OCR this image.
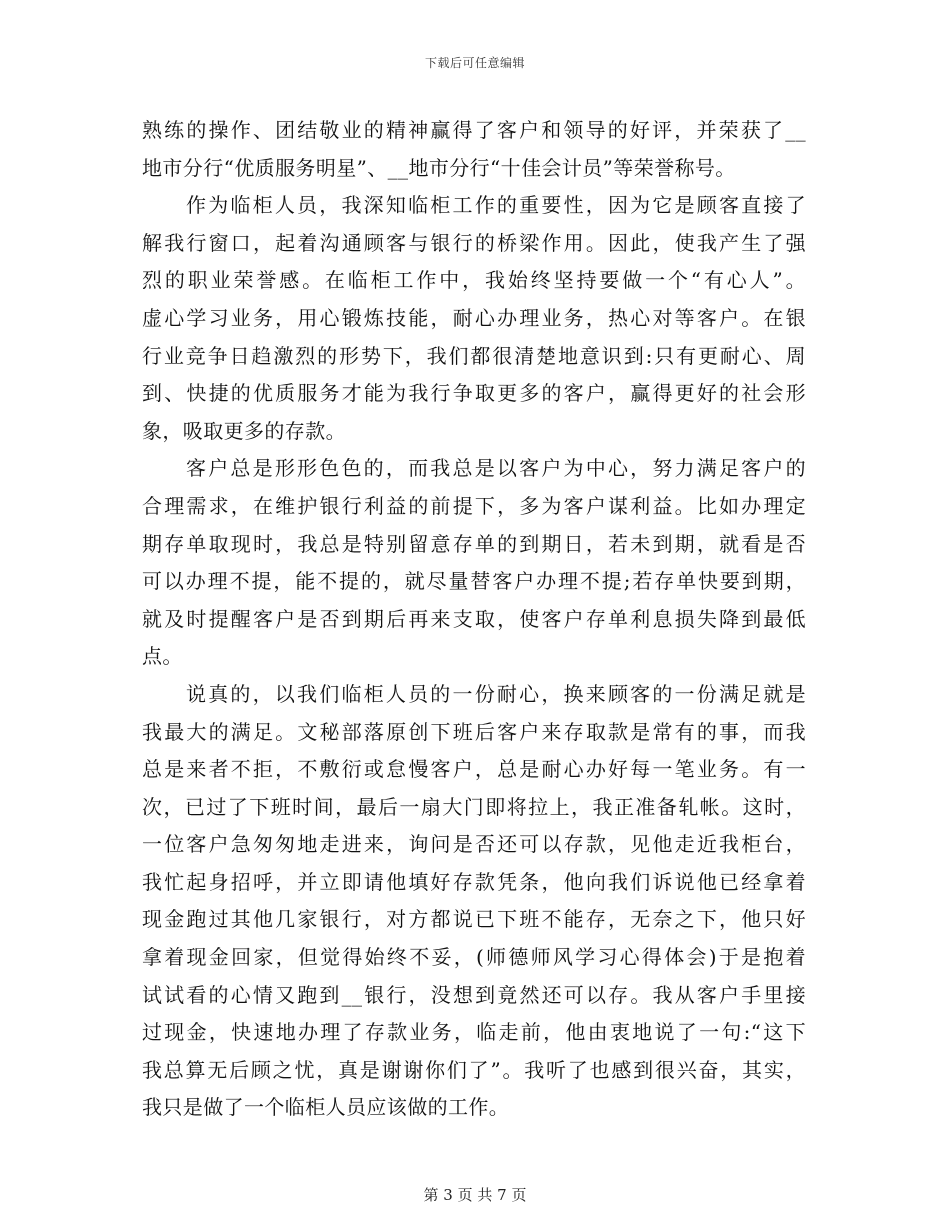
下载后可任意编辑
熟练的操作、团结敬业的精神赢得了客户和领导的好评，并荣获了__
地市分行“优质服务明星”、__地市分行“十佳会计员”等荣誉称号。
作为临柜人员，我深知临柜工作的重要性，因为它是顾客直接了
解我行窗口，起着沟通顾客与银行的桥梁作用。因此，使我产生了强
烈的职业荣誉感。在临柜工作中，我始终坚持要做一个“有心人”。
虚心学习业务，用心锻炼技能，耐心办理业务，热心对等客户。在银
行业竞争日趋激烈的形势下，我们都很清楚地意识到:只有更耐心、周
到、快捷的优质服务才能为我行争取更多的客户，赢得更好的社会形
象，吸取更多的存款。
客户总是形形色色的，而我总是以客户为中心，努力满足客户的
合理需求，在维护银行利益的前提下，多为客户谋利益。比如办理定
期存单取现时，我总是特别留意存单的到期日，若未到期，就看是否
可以办理不提，能不提的，就尽量替客户办理不提;若存单快要到期，
就及时提醒客户是否到期后再来支取，使客户存单利息损失降到最低
点。
说真的，以我们临柜人员的一份耐心，换来顾客的一份满足就是
我最大的满足。文秘部落原创下班后客户来存取款是常有的事，而我
总是来者不拒，不敷衍或怠慢客户，总是耐心办好每一笔业务。有一
次，已过了下班时间，最后一扇大门即将拉上，我正准备轧帐。这时，
一位客户急匆匆地走进来，询问是否还可以存款，见他走近我柜台，
我忙起身招呼，并立即请他填好存款凭条，他向我们诉说他已经拿着
现金跑过其他几家银行，对方都说已下班不能存，无奈之下，他只好
拿着现金回家，但觉得始终不妥，(师德师风学习心得体会)于是抱着
试试看的心情又跑到__银行，没想到竟然还可以存。我从客户手里接
过现金，快速地办理了存款业务，临走前，他由衷地说了一句:“这下
我总算无后顾之忧，真是谢谢你们了”。我听了也感到很兴奋，其实，
我只是做了一个临柜人员应该做的工作。
第 3 页 共 7 页
